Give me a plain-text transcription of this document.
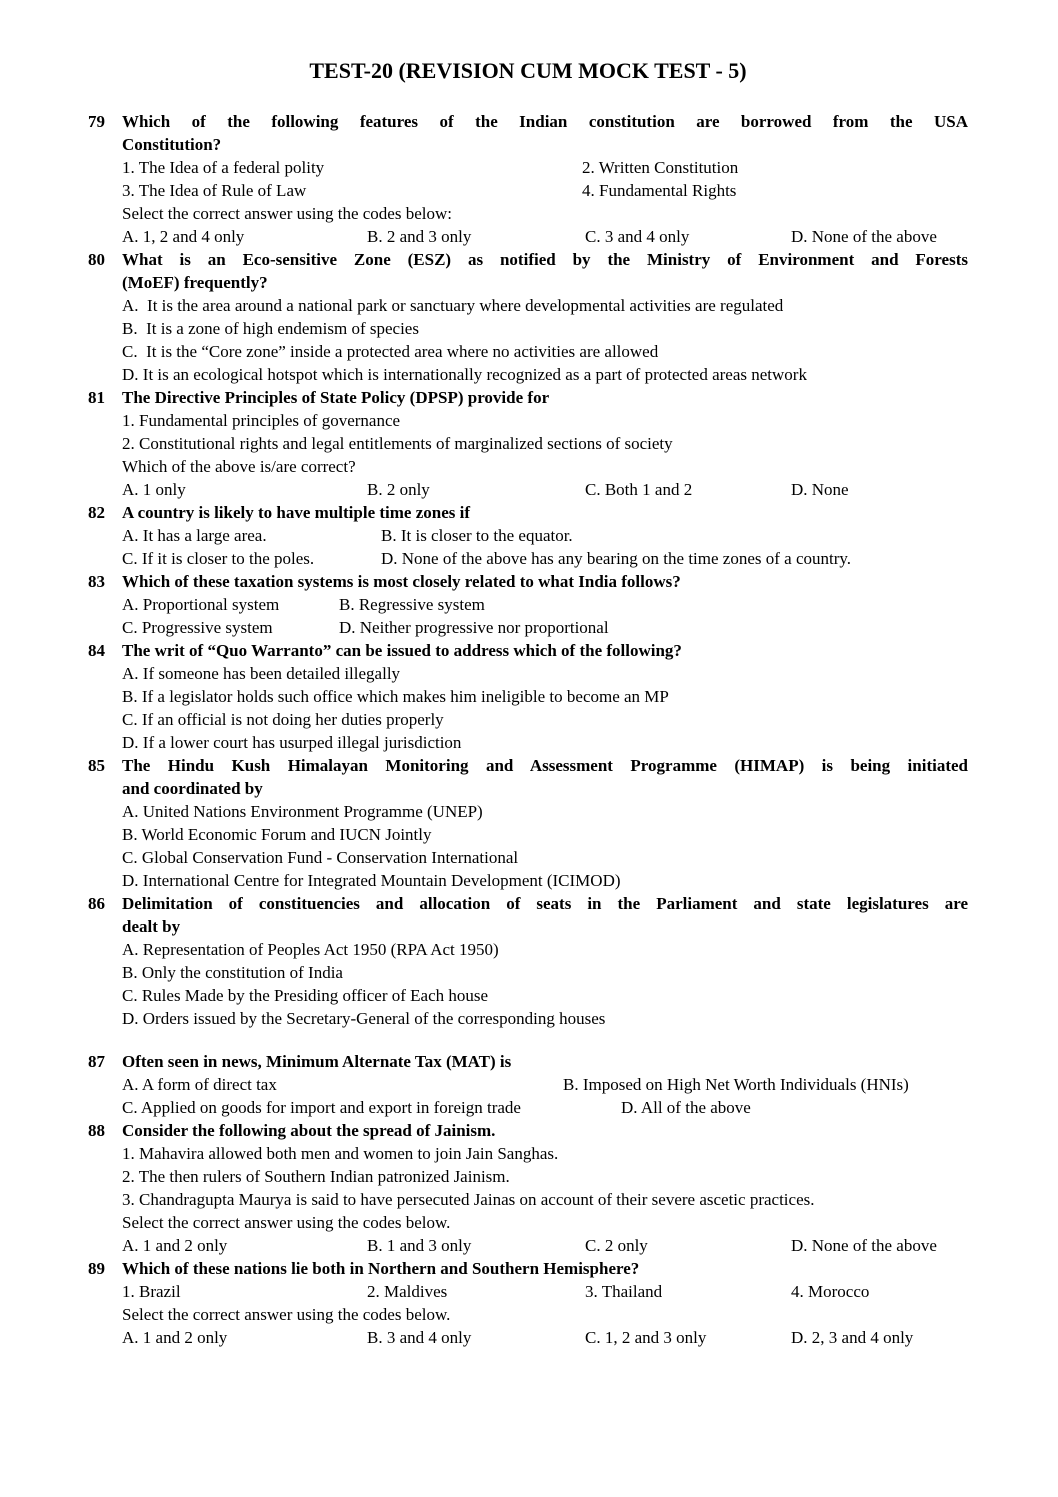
TEST-20 (REVISION CUM MOCK TEST - 5)
79	Which of the following features of the Indian constitution are borrowed from the USA
Constitution?
1. The Idea of a federal polity	2. Written Constitution
3. The Idea of Rule of Law	4. Fundamental Rights
Select the correct answer using the codes below:
A. 1, 2 and 4 only	B. 2 and 3 only	C. 3 and 4 only	D. None of the above
80	What is an Eco-sensitive Zone (ESZ) as notified by the Ministry of Environment and Forests
(MoEF) frequently?
A.  It is the area around a national park or sanctuary where developmental activities are regulated
B.  It is a zone of high endemism of species
C.  It is the “Core zone” inside a protected area where no activities are allowed
D. It is an ecological hotspot which is internationally recognized as a part of protected areas network
81	The Directive Principles of State Policy (DPSP) provide for
1. Fundamental principles of governance
2. Constitutional rights and legal entitlements of marginalized sections of society
Which of the above is/are correct?
A. 1 only	B. 2 only	C. Both 1 and 2	D. None
82	A country is likely to have multiple time zones if
A. It has a large area.	B. It is closer to the equator.
C. If it is closer to the poles.	D. None of the above has any bearing on the time zones of a country.
83	Which of these taxation systems is most closely related to what India follows?
A. Proportional system	B. Regressive system
C. Progressive system	D. Neither progressive nor proportional
84	The writ of “Quo Warranto” can be issued to address which of the following?
A. If someone has been detailed illegally
B. If a legislator holds such office which makes him ineligible to become an MP
C. If an official is not doing her duties properly
D. If a lower court has usurped illegal jurisdiction
85	The Hindu Kush Himalayan Monitoring and Assessment Programme (HIMAP) is being initiated
and coordinated by
A. United Nations Environment Programme (UNEP)
B. World Economic Forum and IUCN Jointly
C. Global Conservation Fund - Conservation International
D. International Centre for Integrated Mountain Development (ICIMOD)
86	Delimitation of constituencies and allocation of seats in the Parliament and state legislatures are
dealt by
A. Representation of Peoples Act 1950 (RPA Act 1950)
B. Only the constitution of India
C. Rules Made by the Presiding officer of Each house
D. Orders issued by the Secretary-General of the corresponding houses
87	Often seen in news, Minimum Alternate Tax (MAT) is
A. A form of direct tax	B. Imposed on High Net Worth Individuals (HNIs)
C. Applied on goods for import and export in foreign trade	D. All of the above
88	Consider the following about the spread of Jainism.
1. Mahavira allowed both men and women to join Jain Sanghas.
2. The then rulers of Southern Indian patronized Jainism.
3. Chandragupta Maurya is said to have persecuted Jainas on account of their severe ascetic practices.
Select the correct answer using the codes below.
A. 1 and 2 only	B. 1 and 3 only	C. 2 only	D. None of the above
89	Which of these nations lie both in Northern and Southern Hemisphere?
1. Brazil	2. Maldives	3. Thailand	4. Morocco
Select the correct answer using the codes below.
A. 1 and 2 only	B. 3 and 4 only	C. 1, 2 and 3 only	D. 2, 3 and 4 only
